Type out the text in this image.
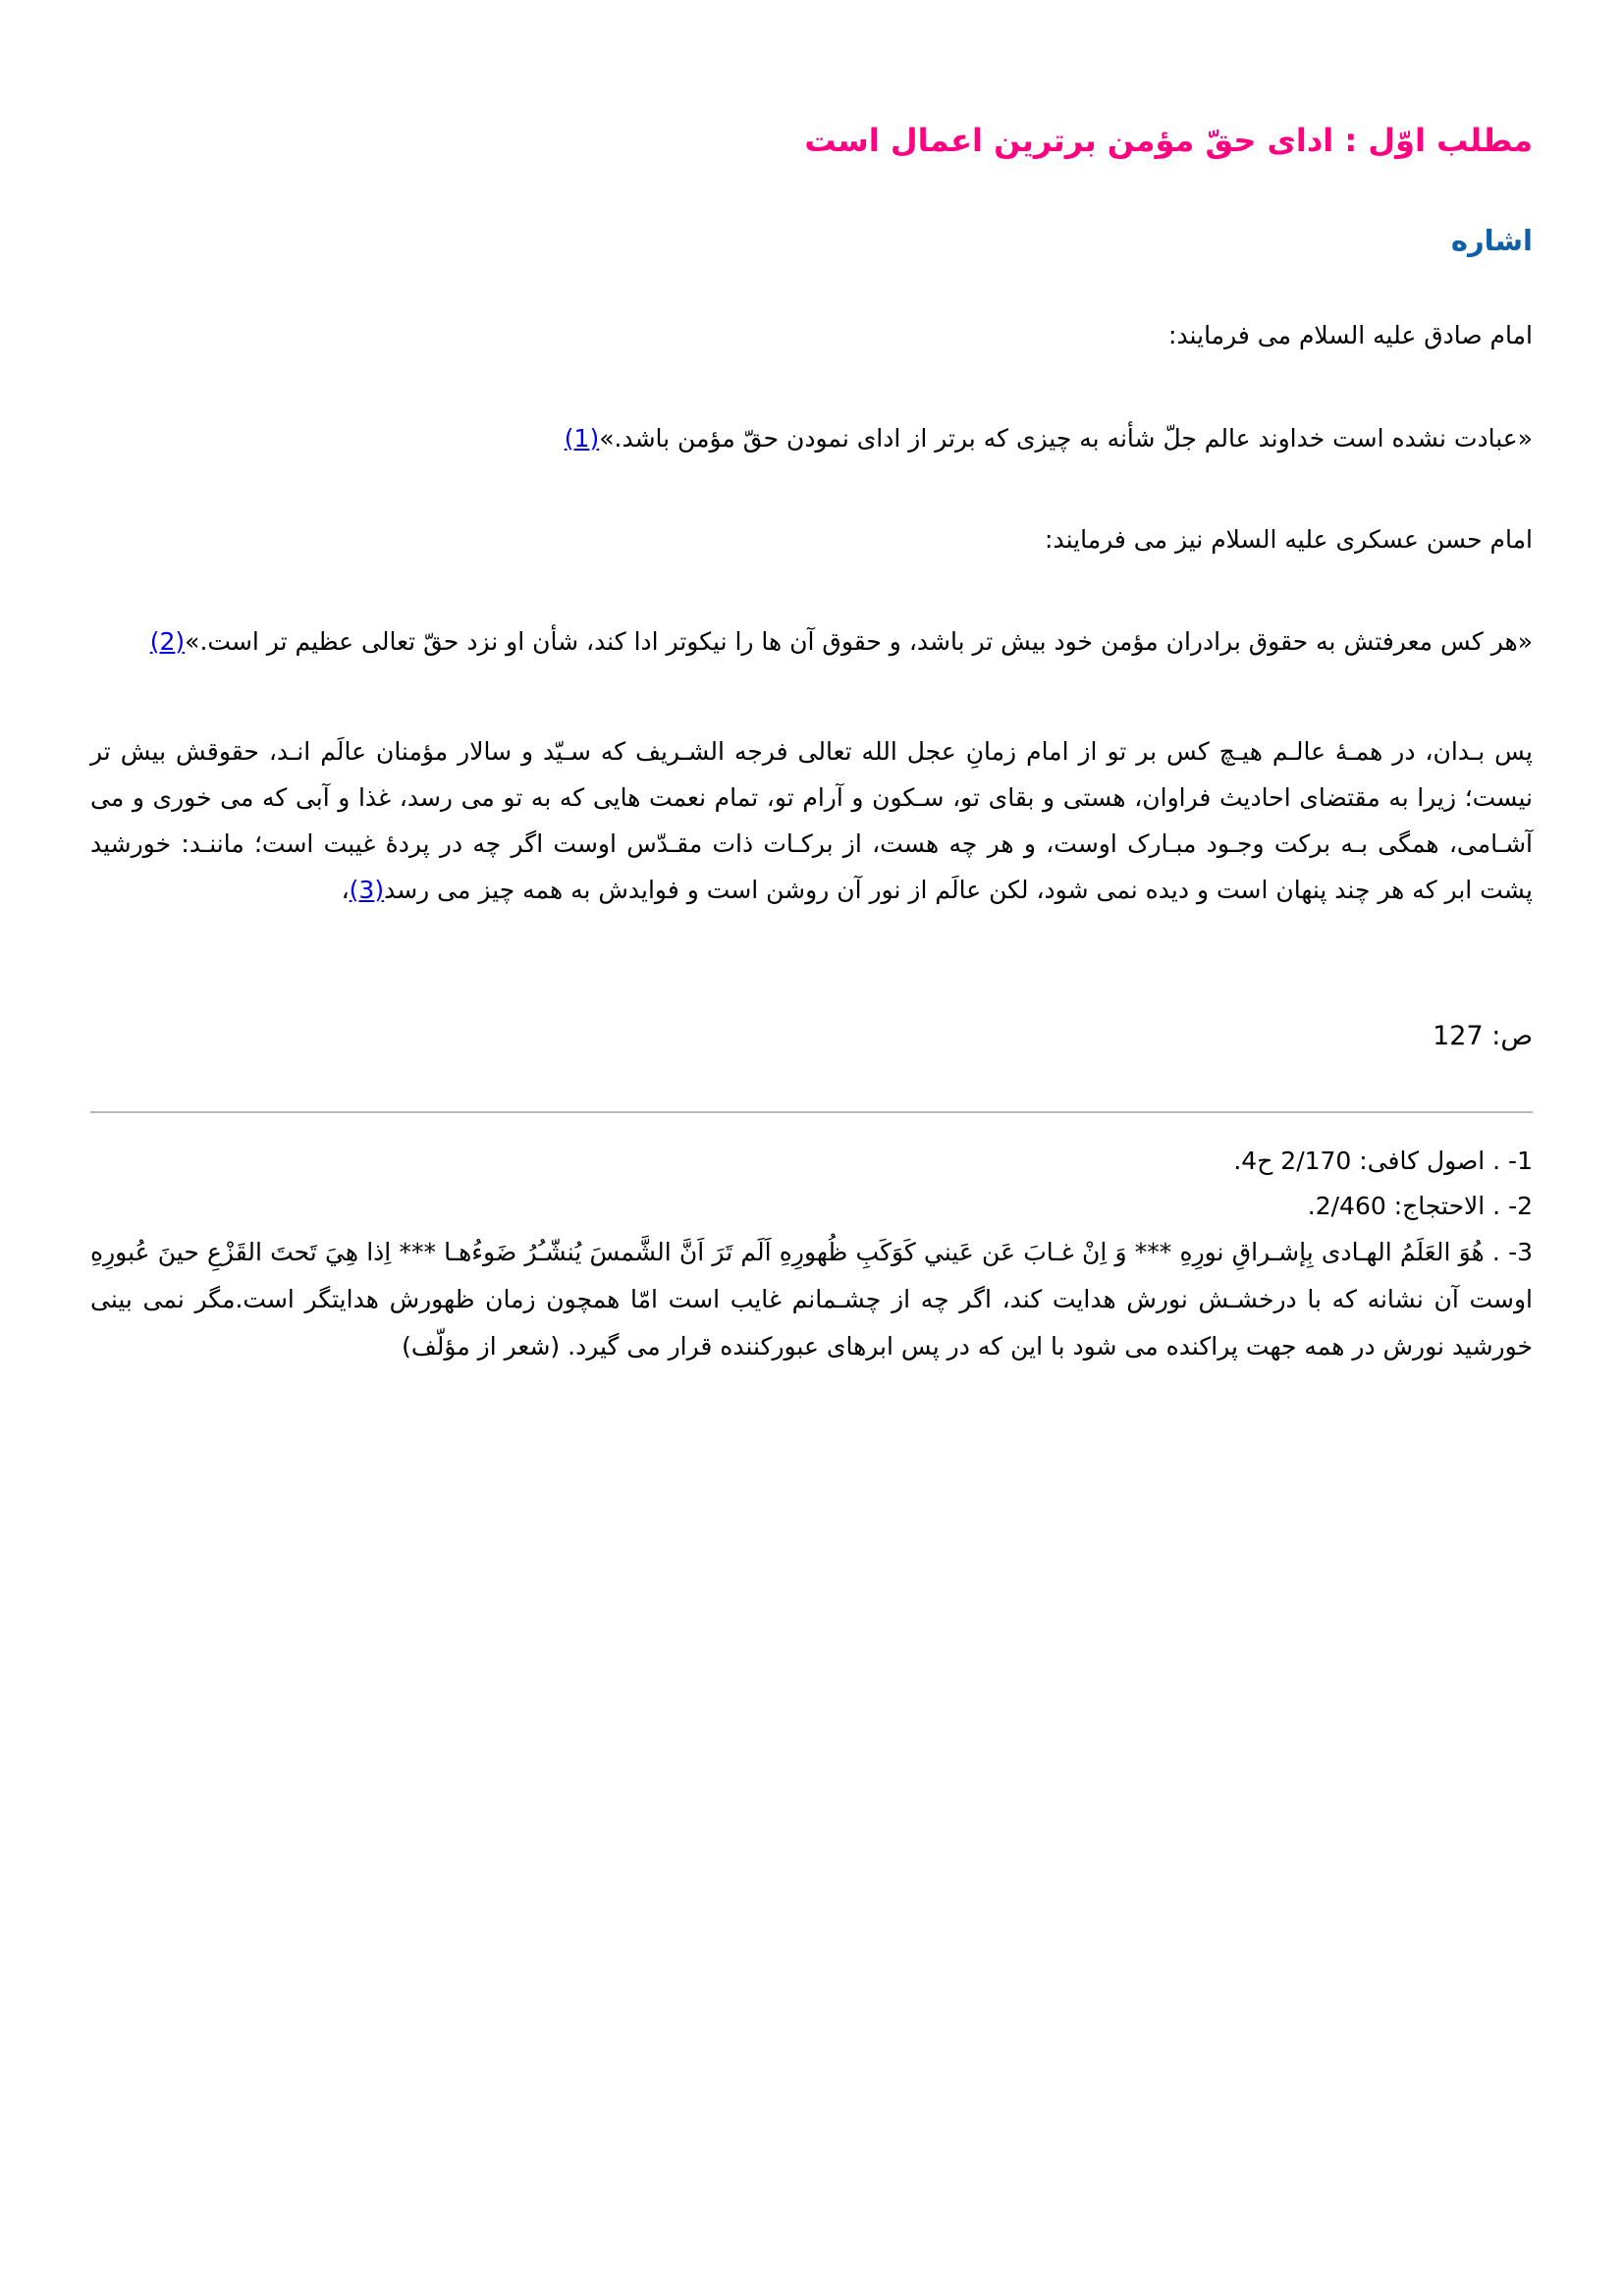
مطلب اوّل : ادای حقّ مؤمن برترین اعمال است
اشاره

امام صادق علیه السلام می فرمایند:

«عبادت نشده است خداوند عالم جلّ شأنه به چیزی که برتر از ادای نمودن حقّ مؤمن باشد.»(1)

امام حسن عسکری علیه السلام نیز می فرمایند:

«هر کس معرفتش به حقوق برادران مؤمن خود بیش تر باشد، و حقوق آن ها را نیکوتر ادا کند، شأن او نزد حقّ تعالی عظیم تر است.»(2)

پس بـدان، در همـهٔ عالـم هیـچ کس بر تو از امام زمانِ عجل الله تعالی فرجه الشـریف که سـیّد و سالار مؤمنان عالَم انـد، حقوقش بیش تر نیست؛ زیرا به مقتضای احادیث فراوان، هستی و بقای تو، سـکون و آرام تو، تمام نعمت هایی که به تو می رسد، غذا و آبی که می خوری و می آشـامی، همگی بـه برکت وجـود مبـارک اوست، و هر چه هست، از برکـات ذات مقـدّس اوست اگر چه در پردهٔ غیبت است؛ ماننـد: خورشید پشت ابر که هر چند پنهان است و دیده نمی شود، لکن عالَم از نور آن روشن است و فوایدش به همه چیز می رسد(3)،

ص: 127

1- . اصول کافی: 2/170 ح4.

2- . الاحتجاج: 2/460.

3- . هُوَ العَلَمُ الهـادی بِإشـراقِ نورِهِ *** وَ اِنْ غـابَ عَن عَيني كَوَكَبِ ظُهورِهِ اَلَم تَرَ اَنَّ الشَّمسَ يُنشّـُرُ ضَوءُهـا *** اِذا هِيَ تَحتَ القَزْعِ حينَ عُبورِهِ اوست آن نشانه که با درخشـش نورش هدایت کند، اگر چه از چشـمانم غایب است امّا همچون زمان ظهورش هدایتگر است.مگر نمی بینی خورشید نورش در همه جهت پراکنده می شود با این که در پس ابرهای عبورکننده قرار می گیرد. (شعر از مؤلّف)
